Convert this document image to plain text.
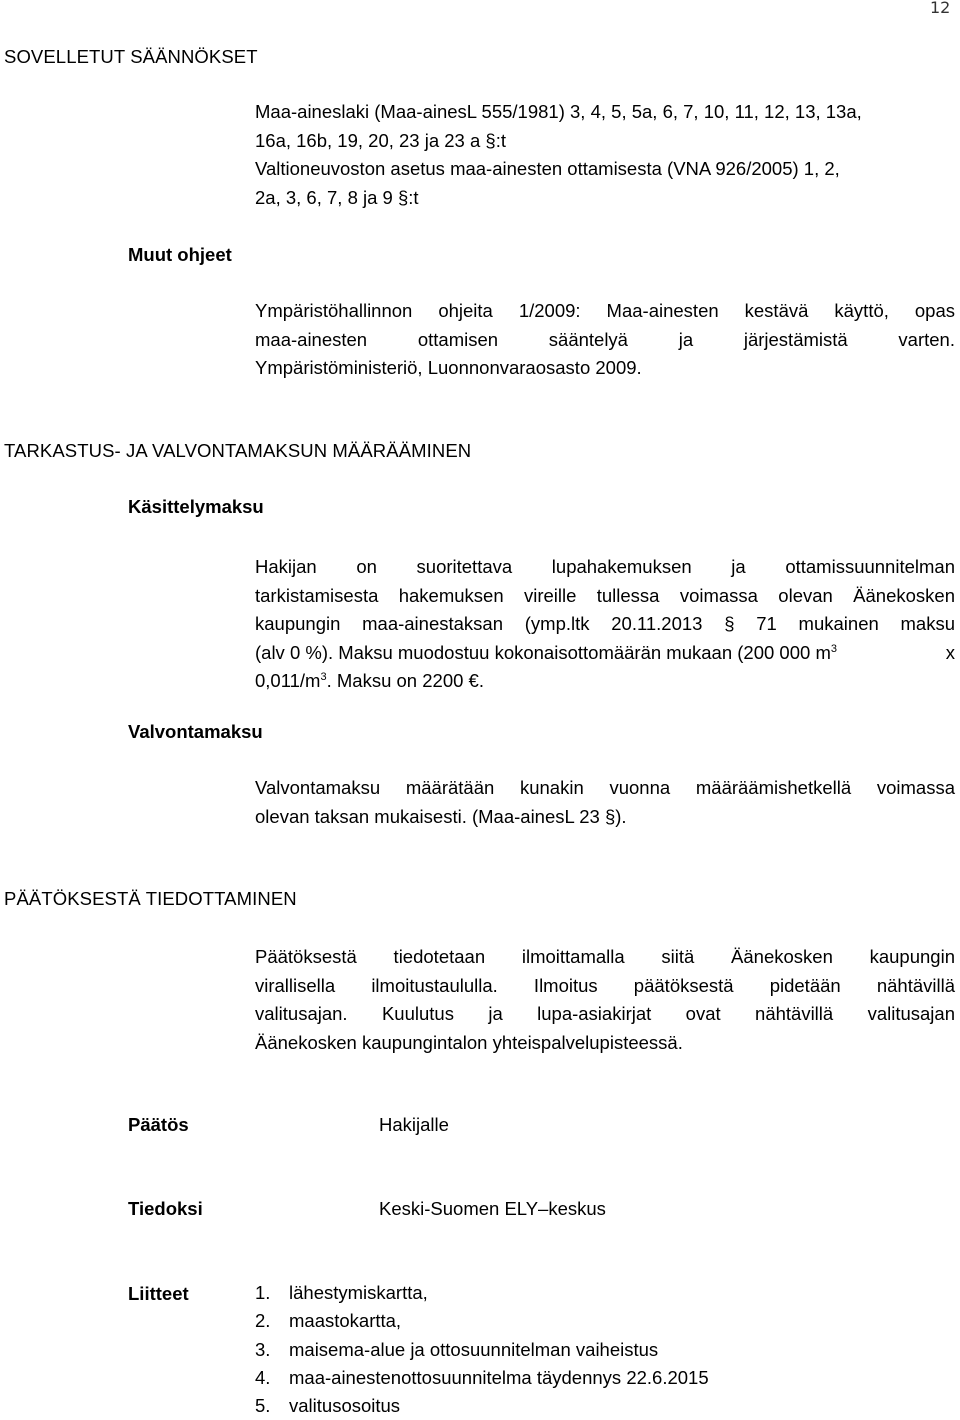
12
SOVELLETUT SÄÄNNÖKSET
Maa-aineslaki (Maa-ainesL 555/1981) 3, 4, 5, 5a, 6, 7, 10, 11, 12, 13, 13a,
16a, 16b, 19, 20, 23 ja 23 a §:t
Valtioneuvoston asetus maa-ainesten ottamisesta (VNA 926/2005) 1, 2,
2a, 3, 6, 7, 8 ja 9 §:t
Muut ohjeet
Ympäristöhallinnon ohjeita 1/2009: Maa-ainesten kestävä käyttö, opas
maa-ainesten ottamisen sääntelyä ja järjestämistä varten.
Ympäristöministeriö, Luonnonvaraosasto 2009.
TARKASTUS- JA VALVONTAMAKSUN MÄÄRÄÄMINEN
Käsittelymaksu
Hakijan on suoritettava lupahakemuksen ja ottamissuunnitelman
tarkistamisesta hakemuksen vireille tullessa voimassa olevan Äänekosken
kaupungin maa-ainestaksan (ymp.ltk 20.11.2013 § 71 mukainen maksu
(alv 0 %). Maksu muodostuu kokonaisottomäärän mukaan (200 000 $m^3$	x
$0,011/m^3$. Maksu on 2200 €.
Valvontamaksu
Valvontamaksu määrätään kunakin vuonna määräämishetkellä voimassa
olevan taksan mukaisesti. (Maa-ainesL 23 §).
PÄÄTÖKSESTÄ TIEDOTTAMINEN
Päätöksestä tiedotetaan ilmoittamalla siitä Äänekosken kaupungin
virallisella ilmoitustaululla. Ilmoitus päätöksestä pidetään nähtävillä
valitusajan. Kuulutus ja lupa-asiakirjat ovat nähtävillä valitusajan
Äänekosken kaupungintalon yhteispalvelupisteessä.
Päätös	Hakijalle
Tiedoksi	Keski-Suomen ELY–keskus
Liitteet	1. lähestymiskartta,
2. maastokartta,
3. maisema-alue ja ottosuunnitelman vaiheistus
4. maa-ainestenottosuunnitelma täydennys 22.6.2015
5. valitusosoitus
